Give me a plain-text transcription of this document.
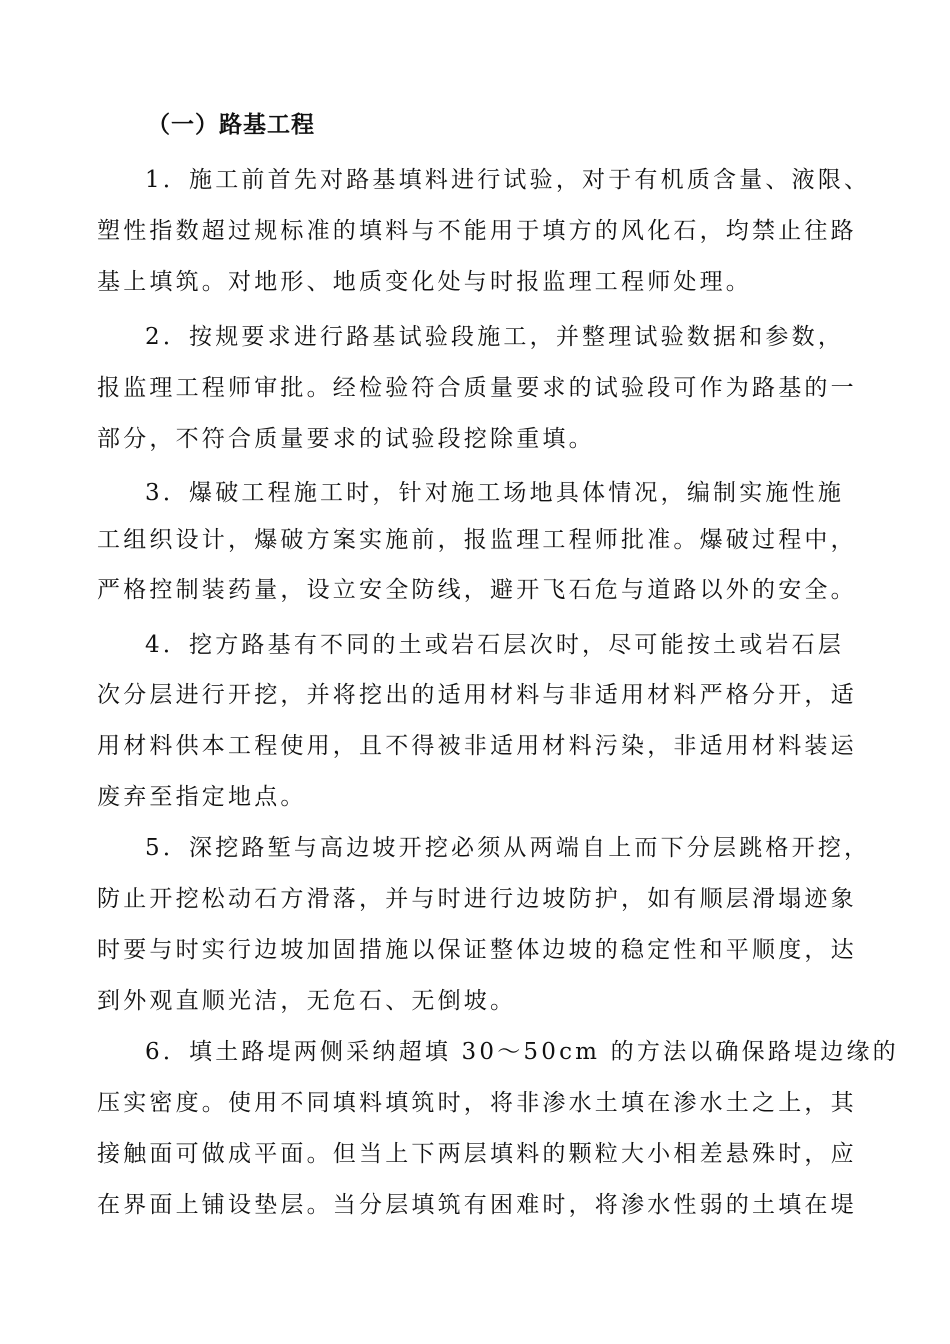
（一）路基工程
1．施工前首先对路基填料进行试验，对于有机质含量、液限、
塑性指数超过规标准的填料与不能用于填方的风化石，均禁止往路
基上填筑。对地形、地质变化处与时报监理工程师处理。
2．按规要求进行路基试验段施工，并整理试验数据和参数，
报监理工程师审批。经检验符合质量要求的试验段可作为路基的一
部分，不符合质量要求的试验段挖除重填。
3．爆破工程施工时，针对施工场地具体情况，编制实施性施
工组织设计，爆破方案实施前，报监理工程师批准。爆破过程中，
严格控制装药量，设立安全防线，避开飞石危与道路以外的安全。
4．挖方路基有不同的土或岩石层次时，尽可能按土或岩石层
次分层进行开挖，并将挖出的适用材料与非适用材料严格分开，适
用材料供本工程使用，且不得被非适用材料污染，非适用材料装运
废弃至指定地点。
5．深挖路堑与高边坡开挖必须从两端自上而下分层跳格开挖，
防止开挖松动石方滑落，并与时进行边坡防护，如有顺层滑塌迹象
时要与时实行边坡加固措施以保证整体边坡的稳定性和平顺度，达
到外观直顺光洁，无危石、无倒坡。
6．填土路堤两侧采纳超填 30～50cm 的方法以确保路堤边缘的
压实密度。使用不同填料填筑时，将非渗水土填在渗水土之上，其
接触面可做成平面。但当上下两层填料的颗粒大小相差悬殊时，应
在界面上铺设垫层。当分层填筑有困难时，将渗水性弱的土填在堤
